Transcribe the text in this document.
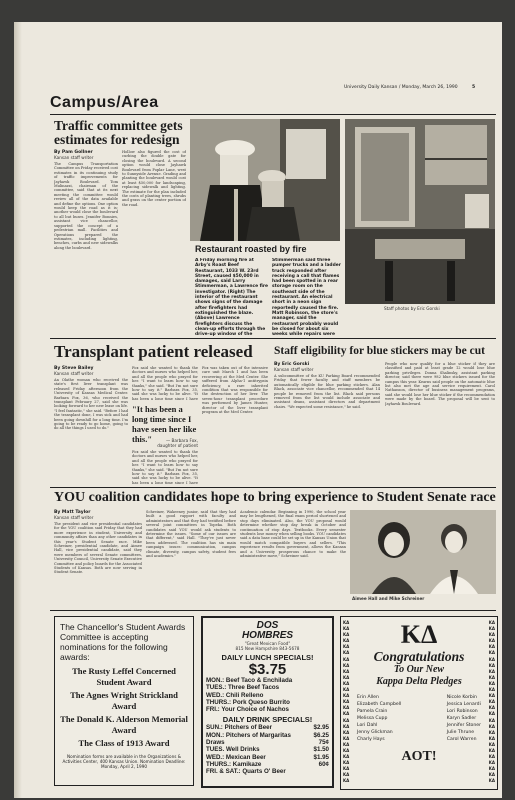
University Daily Kansan / Monday, March 26, 1990	5
Campus/Area
Traffic committee gets estimates for redesign
By Pam Gollner
Kansan staff writer
The Campus Transportation Committee on Friday received cost estimates in its continuing study of traffic improvements for Jayhawk Boulevard. Tom Mulinazzi, chairman of the committee, said that at its next meeting the committee would review all of the data available and define the options. One option would keep the road as it is; another would close the boulevard to all but buses. Jennifer Bonnies, assistant vice chancellor, supported the concept of a pedestrian mall. Facilities and Operations prepared the estimates, including lighting, benches, curbs and new sidewalks along the boulevard.
Hollow also figured the cost of curbing the double gate for closing the boulevard. A second option would close Jayhawk Boulevard from Poplar Lane, west to Sunnyside Avenue. Grading and planting the boulevard would cost at least $50,000 for landscaping, replacing sidewalk and lighting. The estimate for the plan included the costs of planting trees, shrubs and grass on the center portion of the road.
Restaurant roasted by fire
A Friday morning fire at Arby's Roast Beef Restaurant, 1033 W. 23rd Street, caused $50,000 in damages, said Larry Stimmerman, a Lawrence fire investigator. (Right) The interior of the restaurant shows signs of the damage after firefighters had extinguished the blaze. (Above) Lawrence firefighters discuss the clean-up efforts through the drive-up window of the
Stimmerman said three pumper trucks and a ladder truck responded after receiving a call that flames had been spotted in a rear storage room on the southeast side of the restaurant. An electrical short in a neon sign reportedly caused the fire. Matt Robinson, the store's manager, said the restaurant probably would be closed for about six weeks while repairs were
Staff photos by Eric Gorski
Transplant patient released
By Steve Bailey
Kansan staff writer
An Olathe woman who received the state's first liver transplant was released Friday afternoon from the University of Kansas Medical Center. Barbara Fox, 36, who received the transplant February 27, said she was looking forward to her new lease on life. "I feel fantastic," she said. "Before I had the transplant done, I was sick and had been going downhill for a long time. I'm going to be ready to go home, going to do all the things I used to do."
Fox said she wanted to thank the doctors and nurses who helped her, and all the people who prayed for her. "I want to learn how to say thanks," she said. "But I'm not sure how to say it." Barbara Fox, 35, said she was lucky to be alive. "It has been a long time since I have
"It has been a long time since I have seen her like this."	— Barbara Fox, daughter of patient
Fox said she wanted to thank the doctors and nurses who helped her, and all the people who prayed for her. "I want to learn how to say thanks," she said. "But I'm not sure how to say it." Barbara Fox, 35, said she was lucky to be alive. "It has been a long time since I have
Fox was taken out of the intensive care unit March 1 and has been recovering at the Med Center. She suffered from Alpha-1 antitrypsin deficiency, a rare inherited condition that was responsible for the destruction of her liver. The seven-hour transplant procedure was performed by James Hunter, director of the liver transplant program at the Med Center.
Staff eligibility for blue stickers may be cut
By Eric Gorski
Kansan staff writer
A subcommittee of the KU Parking Board recommended Friday that fewer faculty and staff members be automatically eligible for blue parking stickers. Alan Black, associate vice chancellor, recommended that 14 people be removed from the list. Black said persons removed from the list would include associate and assistant deans, assistant directors and department chairs. "We expected some resistance," he said.
People who now qualify for a blue sticker if they are classified and paid at least grade 12 would lose blue parking privileges. Donna Shalinsky, assistant parking director, said there were 982 blue stickers issued for the campus this year. Kearns said people on the automatic blue list also met the age and service requirement. Carol Nathanson, director of business management programs, said she would lose her blue sticker if the recommendation were made by the board. The proposal will be sent to Jayhawk Boulevard.
YOU coalition candidates hope to bring experience to Student Senate race
By Matt Taylor
Kansan staff writer
The president and vice presidential candidates for the YOU coalition said Friday that they had more experience in student, University and community affairs than any other candidates in this year's Student Senate race. Mike Schreiner, presidential candidate, and Aimee Hall, vice presidential candidate, said they were members of several Senate committees, University Council, University Senate Executive Committee and policy boards for the Associated Students of Kansas. Both are now serving in Student Senate.
Schreiner, Wakeeney junior, said that they had built a good rapport with faculty and administrators and that they had testified before several joint committees in Topeka. Both candidates said YOU would ask students to determine the issues. "Some of our issues are that different," said Hall. "They've just never been addressed. The coalition has six main campaign issues: communication, campus climate, diversity, campus safety, student fees and academics."
Academic calendar. Beginning in 1990, the school year may be lengthened, the final exam period shortened and stop days eliminated. Also, the YOU proposal would determine whether stop day break in October and continuation of stop days. Textbooks. Every semester students lose money when selling books. YOU candidates said a data base could be set up in the Kansas Union that would match compatible buyers and sellers. "This experience results from government, allows the Kansan and a University prosperous chance to make the administrative move," Schreiner said.
Aimee Hall and Mike Schreiner
The Chancellor's Student Awards Committee is accepting nominations for the following awards:
The Rusty Leffel Concerned Student Award
The Agnes Wright Strickland Award
The Donald K. Alderson Memorial Award
The Class of 1913 Award
Nomination forms are available in the Organizations & Activities Center, 400 Kansas Union. Nomination Deadline: Monday, April 2, 1990
DOS
HOMBRES
"Great Mexican Food"
815 New Hampshire 843-5678
DAILY LUNCH SPECIALS!
$3.75
MON.: Beef Taco & Enchilada
TUES.: Three Beef Tacos
WED.: Chili Relleno
THURS.: Pork Queso Burrito
FRI.: Your Choice of Nachos
DAILY DRINK SPECIALS!
SUN.: Pitchers of Beer	$2.95
MON.: Pitchers of Margaritas	$6.25
Draws	75¢
TUES. Well Drinks	$1.50
WED.: Mexican Beer	$1.95
THURS.: Kamikaze	60¢
FRI. & SAT.: Quarts O' Beer
KA
KA
KA
KA
KA
KA
KA
KA
KA
KA
KA
KA
KA
KA
KA
KA
KA
KA
KA
KA
KA
KA
KA
KA
KA
KA
KA
KA
KA
KA
KA
KA
KA
KA
KA
KA
KA
KA
KA
KA
KA
KA
KA
KA
KA
KA
KA
KA
KA
KA
KA
KA
KA
KA
ΚΔ
Congratulations
To Our New
Kappa Delta Pledges
Erin Allen
Elizabeth Campbell
Pamela Crain
Melissa Cupp
Lori Dahl
Jenny Glickman
Charly Hays
Nicole Korbin
Jessica Lenardi
Lori Robinson
Karyn Sadler
Jennifer Stoner
Julie Thrune
Carol Warren
AOT!
